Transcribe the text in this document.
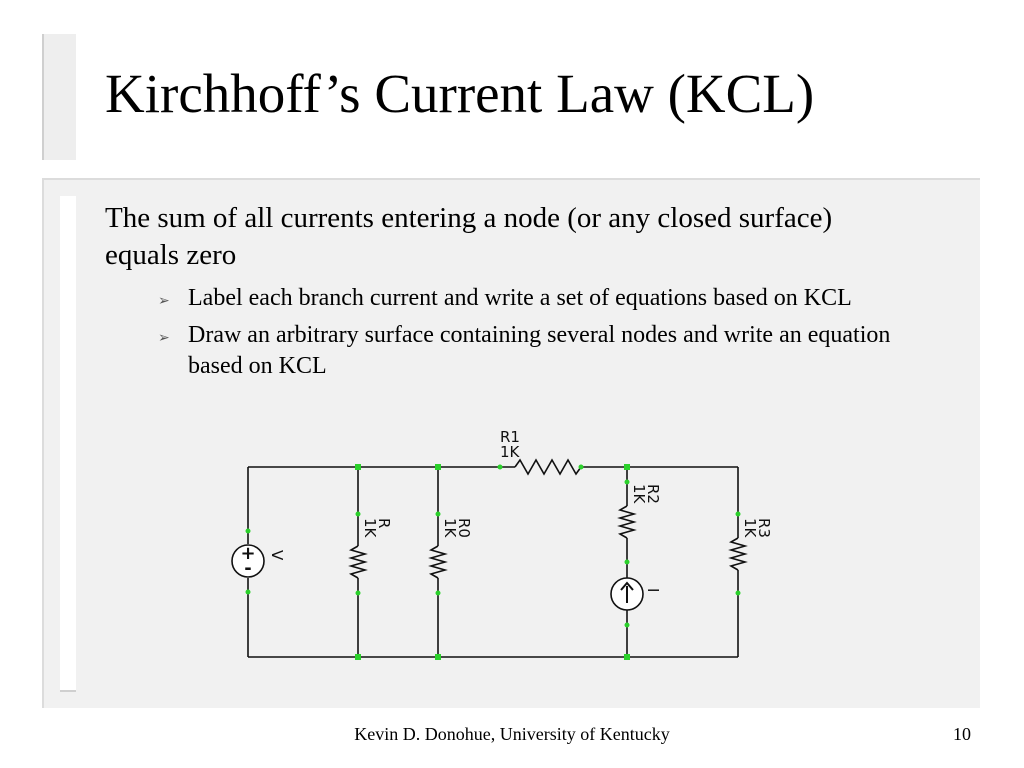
Kirchhoff’s Current Law (KCL)
The sum of all currents entering a node (or any closed surface) equals zero
➢ Label each branch current and write a set of equations based on KCL
➢ Draw an arbitrary surface containing several nodes and write an equation based on KCL
+
-
R1
1K
R
1K	R0
1K
R2
1K
R3
1K
V
I
Kevin D. Donohue, University of Kentucky	10
